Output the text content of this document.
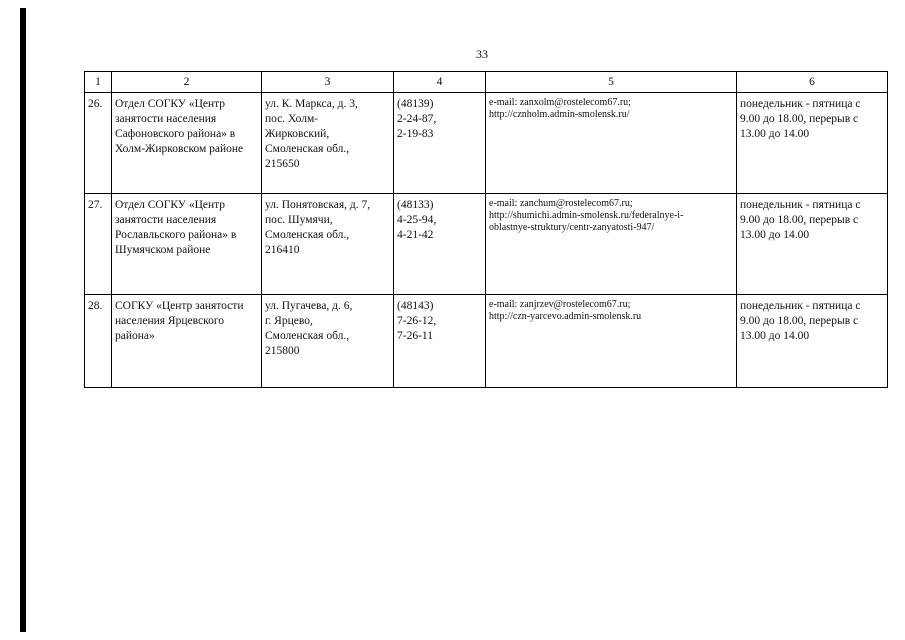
33
1	2	3	4	5	6
26.	Отдел СОГКУ «Центр
занятости населения
Сафоновского района» в
Холм-Жирковском районе	ул. К. Маркса, д. 3,
пос. Холм-
Жирковский,
Смоленская обл.,
215650	(48139)
2-24-87,
2-19-83	e-mail: zanxolm@rostelecom67.ru;
http://cznholm.admin-smolensk.ru/	понедельник - пятница с
9.00 до 18.00, перерыв с
13.00 до 14.00

27.	Отдел СОГКУ «Центр
занятости населения
Рославльского района» в
Шумячском районе	ул. Понятовская, д. 7,
пос. Шумячи,
Смоленская обл.,
216410	(48133)
4-25-94,
4-21-42	e-mail: zanchum@rostelecom67.ru;
http://shumichi.admin-smolensk.ru/federalnye-i-
oblastnye-struktury/centr-zanyatosti-947/	понедельник - пятница с
9.00 до 18.00, перерыв с
13.00 до 14.00

28.	СОГКУ «Центр занятости
населения Ярцевского
района»	ул. Пугачева, д. 6,
г. Ярцево,
Смоленская обл.,
215800	(48143)
7-26-12,
7-26-11	e-mail: zanjrzev@rostelecom67.ru;
http://czn-yarcevo.admin-smolensk.ru	понедельник - пятница с
9.00 до 18.00, перерыв с
13.00 до 14.00
